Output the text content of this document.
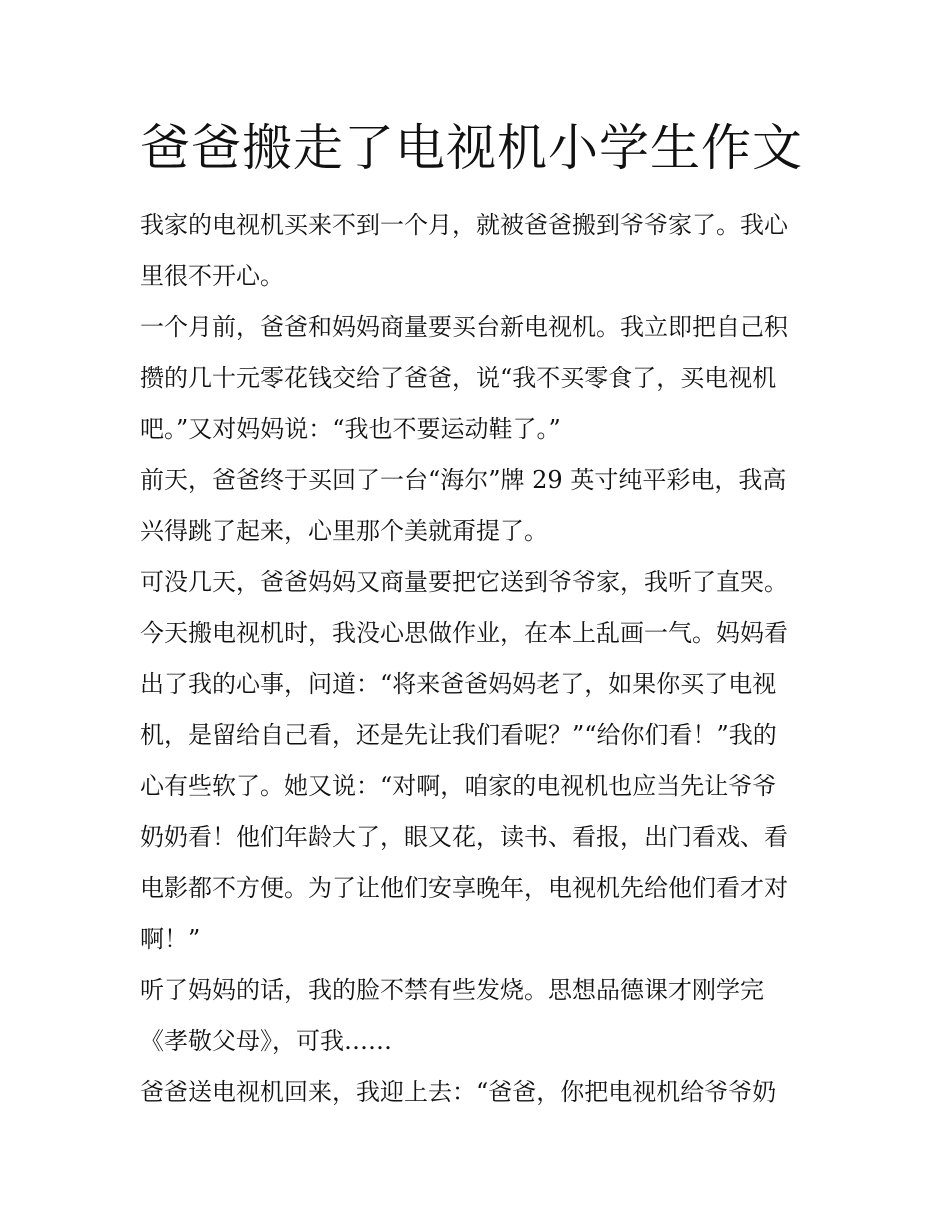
爸爸搬走了电视机小学生作文
我家的电视机买来不到一个月，就被爸爸搬到爷爷家了。我心
里很不开心。
一个月前，爸爸和妈妈商量要买台新电视机。我立即把自己积
攒的几十元零花钱交给了爸爸，说“我不买零食了，买电视机
吧。”又对妈妈说：“我也不要运动鞋了。”
前天，爸爸终于买回了一台“海尔”牌 29 英寸纯平彩电，我高
兴得跳了起来，心里那个美就甭提了。
可没几天，爸爸妈妈又商量要把它送到爷爷家，我听了直哭。
今天搬电视机时，我没心思做作业，在本上乱画一气。妈妈看
出了我的心事，问道：“将来爸爸妈妈老了，如果你买了电视
机，是留给自己看，还是先让我们看呢？”“给你们看！”我的
心有些软了。她又说：“对啊，咱家的电视机也应当先让爷爷
奶奶看！他们年龄大了，眼又花，读书、看报，出门看戏、看
电影都不方便。为了让他们安享晚年，电视机先给他们看才对
啊！”
听了妈妈的话，我的脸不禁有些发烧。思想品德课才刚学完
《孝敬父母》，可我……
爸爸送电视机回来，我迎上去：“爸爸，你把电视机给爷爷奶
